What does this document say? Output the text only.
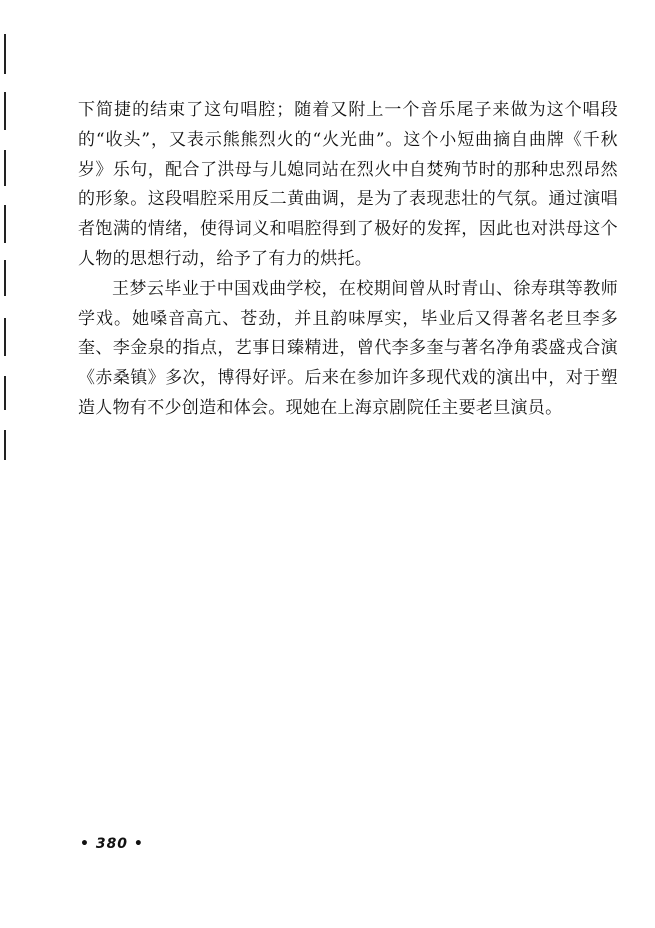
下简捷的结束了这句唱腔；随着又附上一个音乐尾子来做为这个唱段的“收头”，又表示熊熊烈火的“火光曲”。这个小短曲摘自曲牌《千秋岁》乐句，配合了洪母与儿媳同站在烈火中自焚殉节时的那种忠烈昂然的形象。这段唱腔采用反二黄曲调，是为了表现悲壮的气氛。通过演唱者饱满的情绪，使得词义和唱腔得到了极好的发挥，因此也对洪母这个人物的思想行动，给予了有力的烘托。

王梦云毕业于中国戏曲学校，在校期间曾从时青山、徐寿琪等教师学戏。她嗓音高亢、苍劲，并且韵味厚实，毕业后又得著名老旦李多奎、李金泉的指点，艺事日臻精进，曾代李多奎与著名净角裘盛戎合演《赤桑镇》多次，博得好评。后来在参加许多现代戏的演出中，对于塑造人物有不少创造和体会。现她在上海京剧院任主要老旦演员。

• 380 •
